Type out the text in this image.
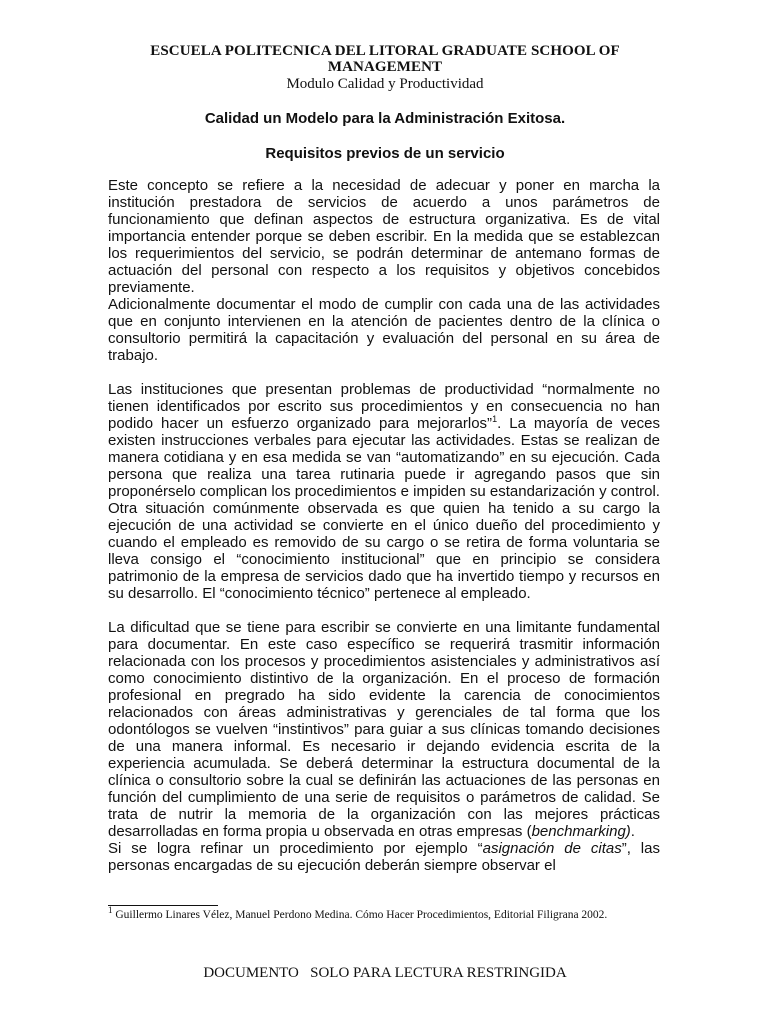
ESCUELA POLITECNICA DEL LITORAL GRADUATE SCHOOL OF MANAGEMENT
Modulo Calidad y Productividad
Calidad un Modelo para la Administración Exitosa.
Requisitos previos de un servicio

Este concepto se refiere a la necesidad de adecuar y poner en marcha la institución prestadora de servicios de acuerdo a unos parámetros de funcionamiento que definan aspectos de estructura organizativa. Es de vital importancia entender porque se deben escribir. En la medida que se establezcan los requerimientos del servicio, se podrán determinar de antemano formas de actuación del personal con respecto a los requisitos y objetivos concebidos previamente.

Adicionalmente documentar el modo de cumplir con cada una de las actividades que en conjunto intervienen en la atención de pacientes dentro de la clínica o consultorio permitirá la capacitación y evaluación del personal en su área de trabajo.

Las instituciones que presentan problemas de productividad “normalmente no tienen identificados por escrito sus procedimientos y en consecuencia no han podido hacer un esfuerzo organizado para mejorarlos”$^1$. La mayoría de veces existen instrucciones verbales para ejecutar las actividades. Estas se realizan de manera cotidiana y en esa medida se van “automatizando” en su ejecución. Cada persona que realiza una tarea rutinaria puede ir agregando pasos que sin proponérselo complican los procedimientos e impiden su estandarización y control.

Otra situación comúnmente observada es que quien ha tenido a su cargo la ejecución de una actividad se convierte en el único dueño del procedimiento y cuando el empleado es removido de su cargo o se retira de forma voluntaria se lleva consigo el “conocimiento institucional” que en principio se considera patrimonio de la empresa de servicios dado que ha invertido tiempo y recursos en su desarrollo. El “conocimiento técnico” pertenece al empleado.

La dificultad que se tiene para escribir se convierte en una limitante fundamental para documentar. En este caso específico se requerirá trasmitir información relacionada con los procesos y procedimientos asistenciales y administrativos así como conocimiento distintivo de la organización. En el proceso de formación profesional en pregrado ha sido evidente la carencia de conocimientos relacionados con áreas administrativas y gerenciales de tal forma que los odontólogos se vuelven “instintivos” para guiar a sus clínicas tomando decisiones de una manera informal. Es necesario ir dejando evidencia escrita de la experiencia acumulada. Se deberá determinar la estructura documental de la clínica o consultorio sobre la cual se definirán las actuaciones de las personas en función del cumplimiento de una serie de requisitos o parámetros de calidad. Se trata de nutrir la memoria de la organización con las mejores prácticas desarrolladas en forma propia u observada en otras empresas (benchmarking).

Si se logra refinar un procedimiento por ejemplo “asignación de citas”, las personas encargadas de su ejecución deberán siempre observar el

$^1$ Guillermo Linares Vélez, Manuel Perdono Medina. Cómo Hacer Procedimientos, Editorial Filigrana 2002.
DOCUMENTO   SOLO PARA LECTURA RESTRINGIDA
